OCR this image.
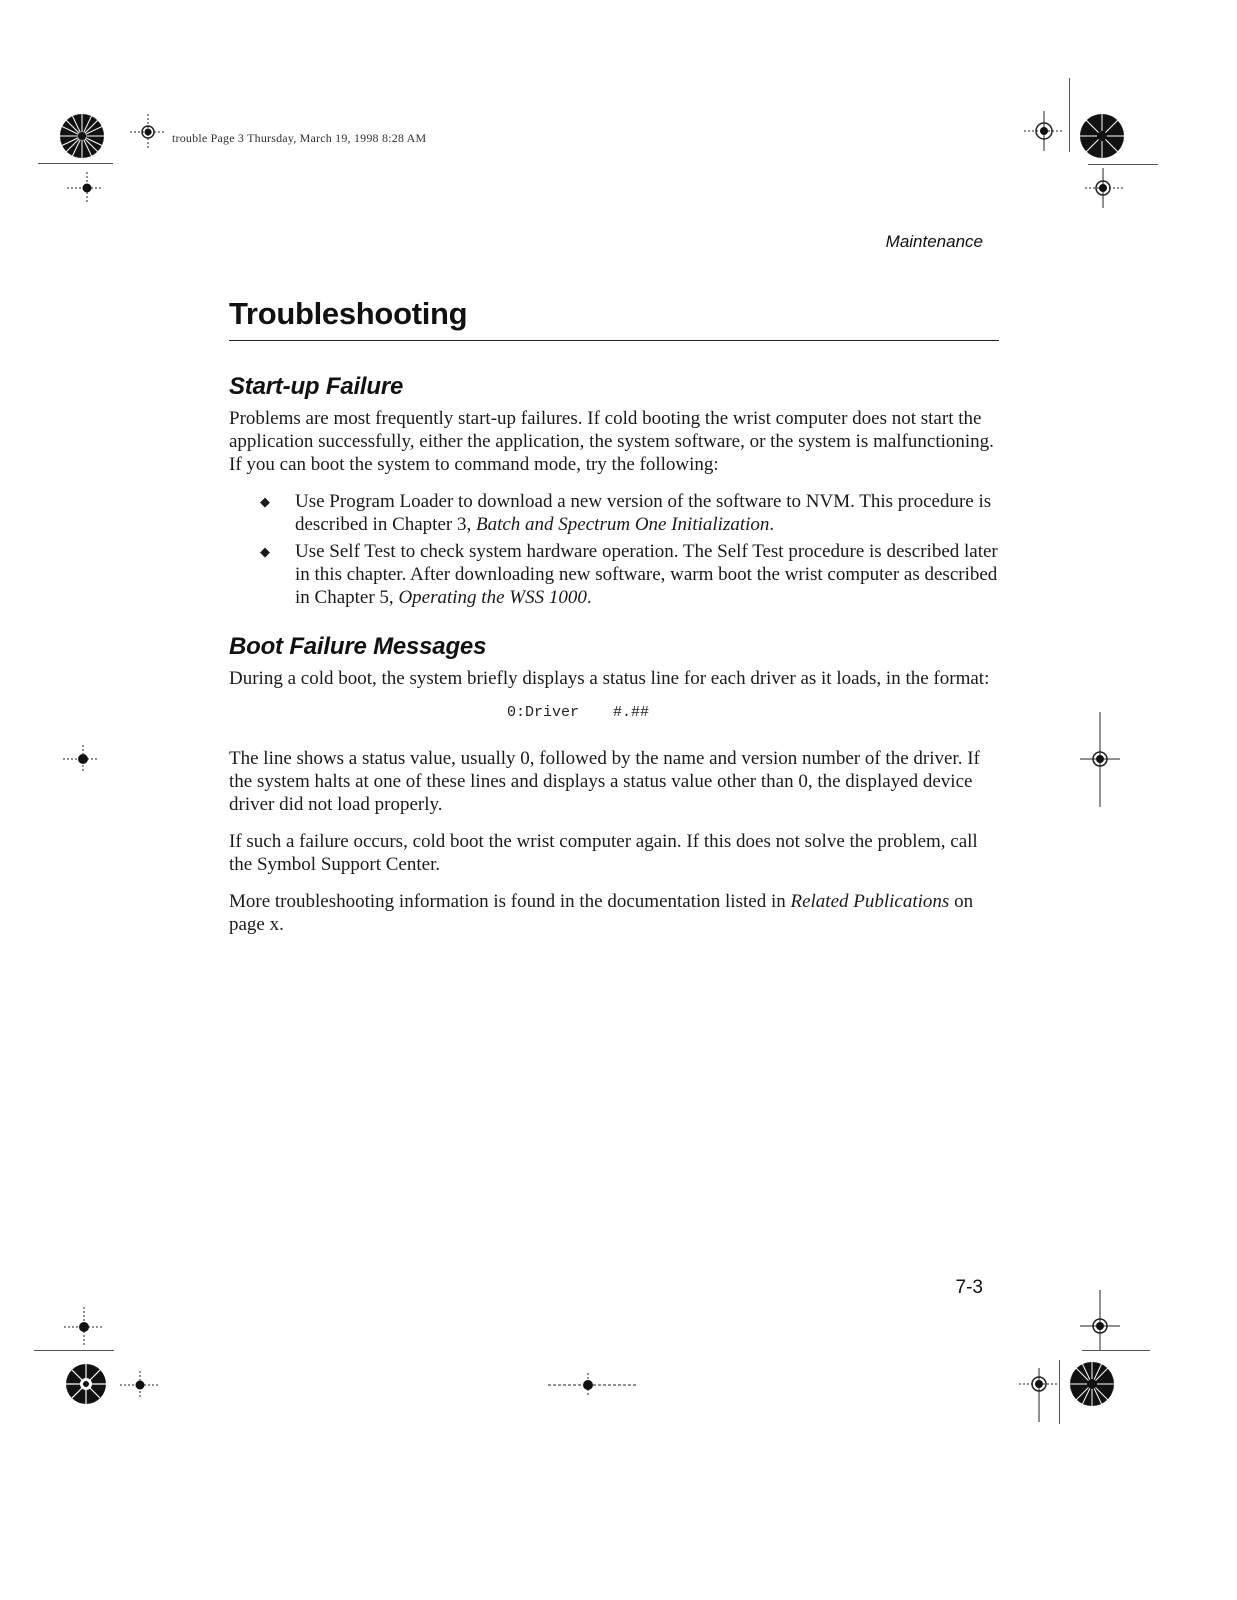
trouble Page 3 Thursday, March 19, 1998 8:28 AM
Maintenance
Troubleshooting
Start-up Failure

Problems are most frequently start-up failures. If cold booting the wrist computer does not start the application successfully, either the application, the system software, or the system is malfunctioning. If you can boot the system to command mode, try the following:

◆ Use Program Loader to download a new version of the software to NVM. This procedure is described in Chapter 3, Batch and Spectrum One Initialization.
◆ Use Self Test to check system hardware operation. The Self Test procedure is described later in this chapter. After downloading new software, warm boot the wrist computer as described in Chapter 5, Operating the WSS 1000.
Boot Failure Messages

During a cold boot, the system briefly displays a status line for each driver as it loads, in the format:

0:Driver #.##

The line shows a status value, usually 0, followed by the name and version number of the driver. If the system halts at one of these lines and displays a status value other than 0, the displayed device driver did not load properly.

If such a failure occurs, cold boot the wrist computer again. If this does not solve the problem, call the Symbol Support Center.

More troubleshooting information is found in the documentation listed in Related Publications on page x.

7-3
